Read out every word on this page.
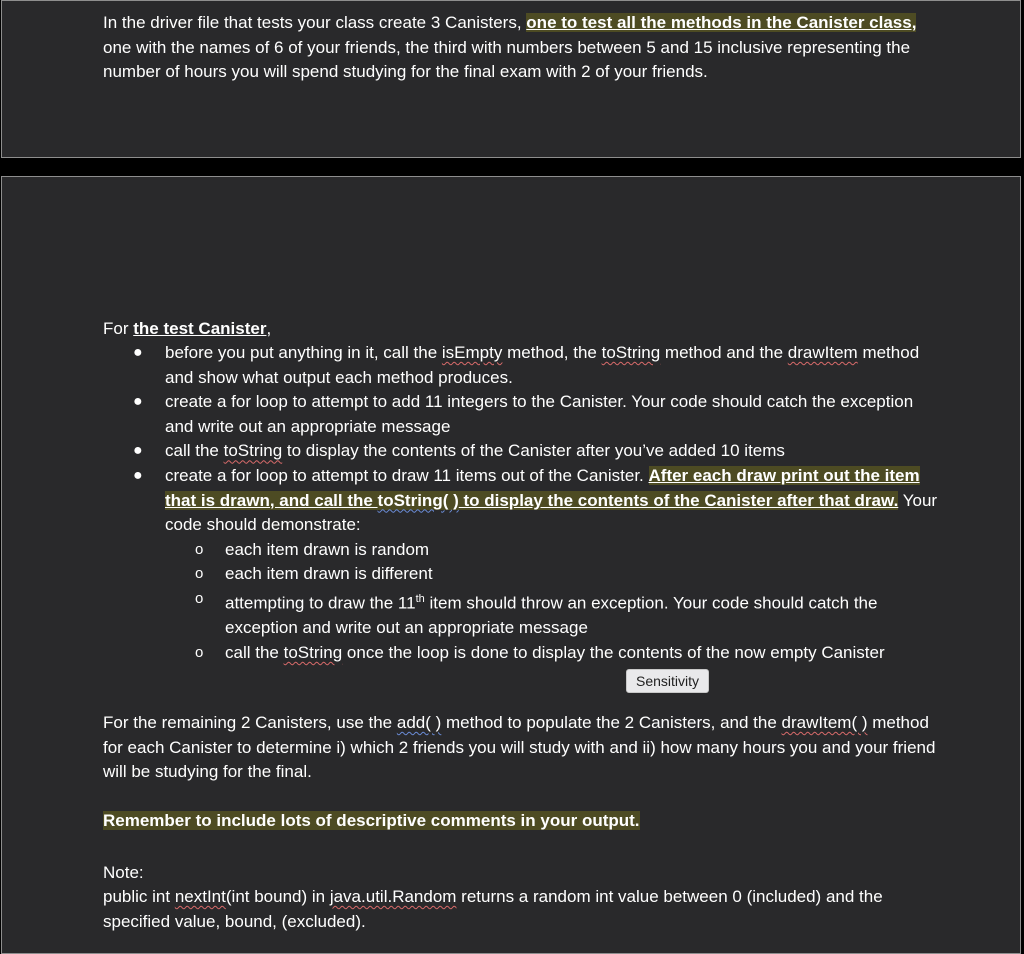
In the driver file that tests your class create 3 Canisters, one to test all the methods in the Canister class, one with the names of 6 of your friends, the third with numbers between 5 and 15 inclusive representing the number of hours you will spend studying for the final exam with 2 of your friends.
For the test Canister,
● before you put anything in it, call the isEmpty method, the toString method and the drawItem method and show what output each method produces.
● create a for loop to attempt to add 11 integers to the Canister. Your code should catch the exception and write out an appropriate message
● call the toString to display the contents of the Canister after you’ve added 10 items
● create a for loop to attempt to draw 11 items out of the Canister. After each draw print out the item that is drawn, and call the toString( ) to display the contents of the Canister after that draw. Your code should demonstrate:
o each item drawn is random
o each item drawn is different
o attempting to draw the 11th item should throw an exception. Your code should catch the exception and write out an appropriate message
o call the toString once the loop is done to display the contents of the now empty Canister
Sensitivity
For the remaining 2 Canisters, use the add( ) method to populate the 2 Canisters, and the drawItem( ) method for each Canister to determine i) which 2 friends you will study with and ii) how many hours you and your friend will be studying for the final.
Remember to include lots of descriptive comments in your output.
Note:
public int nextInt(int bound) in java.util.Random returns a random int value between 0 (included) and the specified value, bound, (excluded).
